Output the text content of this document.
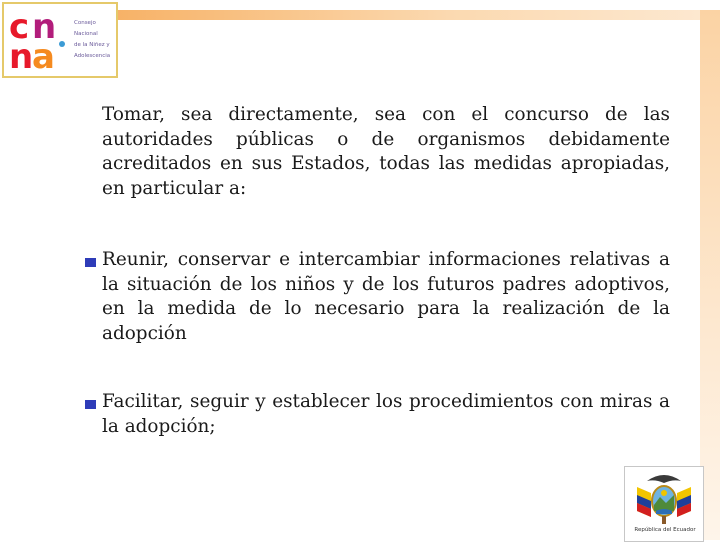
c n
n
a
Consejo
Nacional
de la Niñez y
Adolescencia

Tomar, sea directamente, sea con el concurso de las autoridades públicas o de organismos debidamente acreditados en sus Estados, todas las medidas apropiadas, en particular a:

Reunir, conservar e intercambiar informaciones relativas a la situación de los niños y de los futuros padres adoptivos, en la medida de lo necesario para la realización de la adopción

Facilitar, seguir y establecer los procedimientos con miras a la adopción;

República del Ecuador
